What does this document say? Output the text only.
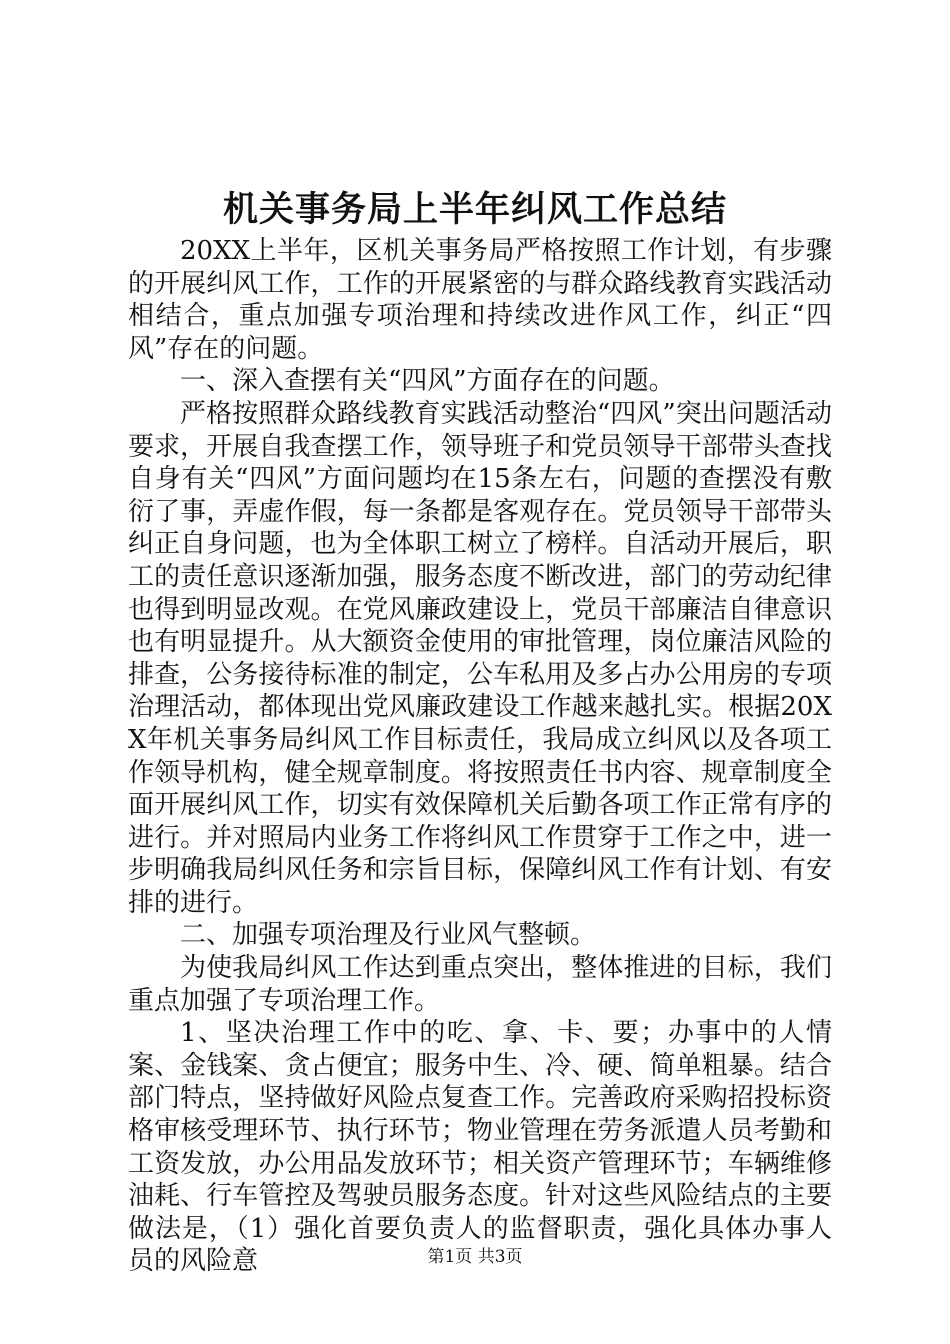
机关事务局上半年纠风工作总结

20XX上半年，区机关事务局严格按照工作计划，有步骤的开展纠风工作，工作的开展紧密的与群众路线教育实践活动相结合，重点加强专项治理和持续改进作风工作，纠正“四风”存在的问题。

一、深入查摆有关“四风”方面存在的问题。

严格按照群众路线教育实践活动整治“四风”突出问题活动要求，开展自我查摆工作，领导班子和党员领导干部带头查找自身有关“四风”方面问题均在15条左右，问题的查摆没有敷衍了事，弄虚作假，每一条都是客观存在。党员领导干部带头纠正自身问题，也为全体职工树立了榜样。自活动开展后，职工的责任意识逐渐加强，服务态度不断改进，部门的劳动纪律也得到明显改观。在党风廉政建设上，党员干部廉洁自律意识也有明显提升。从大额资金使用的审批管理，岗位廉洁风险的排查，公务接待标准的制定，公车私用及多占办公用房的专项治理活动，都体现出党风廉政建设工作越来越扎实。根据20XX年机关事务局纠风工作目标责任，我局成立纠风以及各项工作领导机构，健全规章制度。将按照责任书内容、规章制度全面开展纠风工作，切实有效保障机关后勤各项工作正常有序的进行。并对照局内业务工作将纠风工作贯穿于工作之中，进一步明确我局纠风任务和宗旨目标，保障纠风工作有计划、有安排的进行。

二、加强专项治理及行业风气整顿。

为使我局纠风工作达到重点突出，整体推进的目标，我们重点加强了专项治理工作。

1、坚决治理工作中的吃、拿、卡、要；办事中的人情案、金钱案、贪占便宜；服务中生、冷、硬、简单粗暴。结合部门特点，坚持做好风险点复查工作。完善政府采购招投标资格审核受理环节、执行环节；物业管理在劳务派遣人员考勤和工资发放，办公用品发放环节；相关资产管理环节；车辆维修油耗、行车管控及驾驶员服务态度。针对这些风险结点的主要做法是，（1）强化首要负责人的监督职责，强化具体办事人员的风险意	第1页 共3页
